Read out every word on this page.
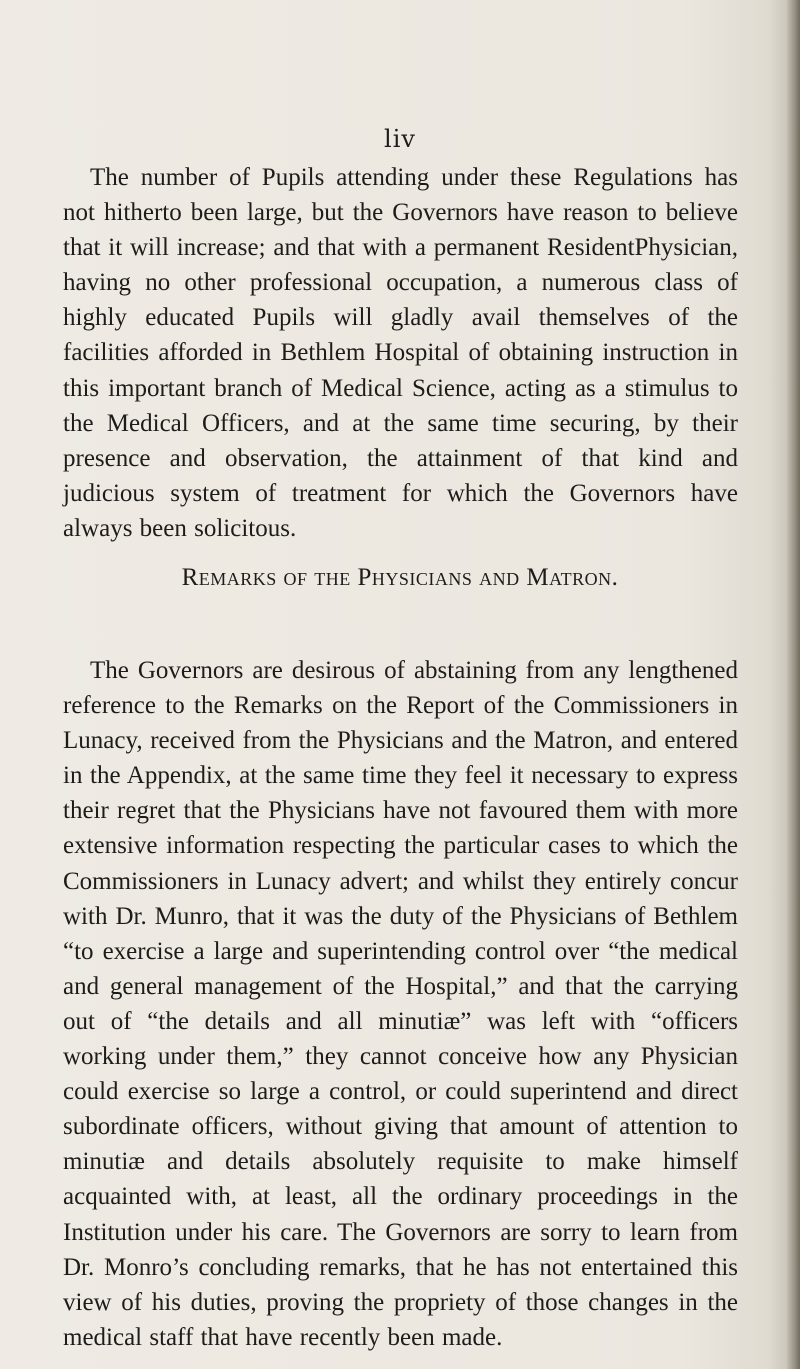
liv

The number of Pupils attending under these Regulations has not hitherto been large, but the Governors have reason to believe that it will increase; and that with a permanent ResidentPhysician, having no other professional occupation, a numerous class of highly educated Pupils will gladly avail themselves of the facilities afforded in Bethlem Hospital of obtaining instruction in this important branch of Medical Science, acting as a stimulus to the Medical Officers, and at the same time securing, by their presence and observation, the attainment of that kind and judicious system of treatment for which the Governors have always been solicitous.

Remarks of the Physicians and Matron.

The Governors are desirous of abstaining from any lengthened reference to the Remarks on the Report of the Commissioners in Lunacy, received from the Physicians and the Matron, and entered in the Appendix, at the same time they feel it necessary to express their regret that the Physicians have not favoured them with more extensive information respecting the particular cases to which the Commissioners in Lunacy advert; and whilst they entirely concur with Dr. Munro, that it was the duty of the Physicians of Bethlem “to exercise a large and superintending control over “the medical and general management of the Hospital,” and that the carrying out of “the details and all minutiæ” was left with “officers working under them,” they cannot conceive how any Physician could exercise so large a control, or could superintend and direct subordinate officers, without giving that amount of attention to minutiæ and details absolutely requisite to make himself acquainted with, at least, all the ordinary proceedings in the Institution under his care. The Governors are sorry to learn from Dr. Monro’s concluding remarks, that he has not entertained this view of his duties, proving the propriety of those changes in the medical staff that have recently been made.
